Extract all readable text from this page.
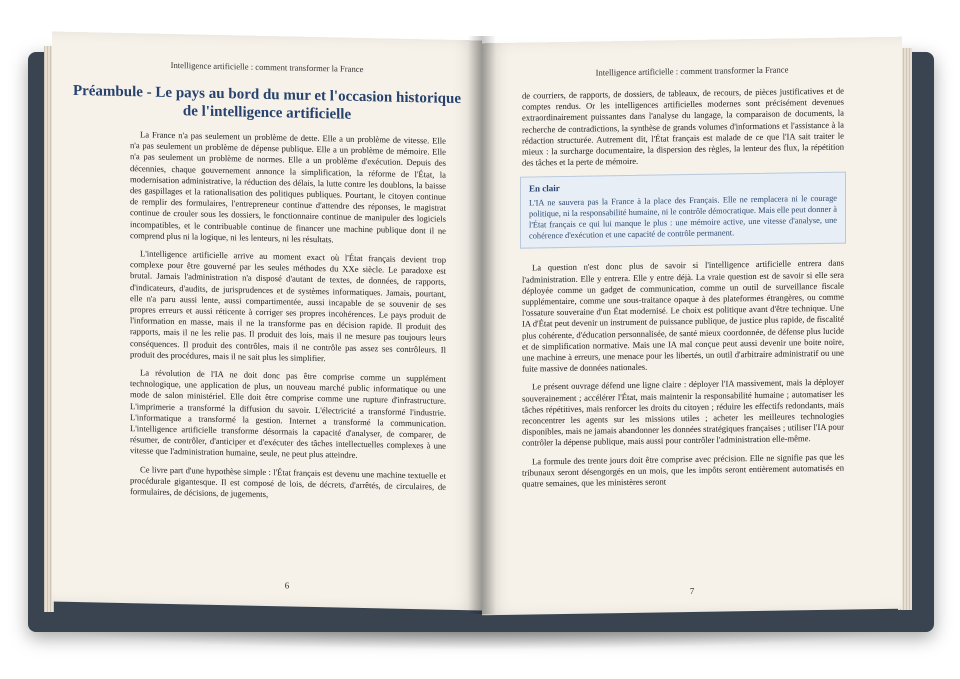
Intelligence artificielle : comment transformer la France
Préambule - Le pays au bord du mur et l'occasion historique de l'intelligence artificielle

La France n'a pas seulement un problème de dette. Elle a un problème de vitesse. Elle n'a pas seulement un problème de dépense publique. Elle a un problème de mémoire. Elle n'a pas seulement un problème de normes. Elle a un problème d'exécution. Depuis des décennies, chaque gouvernement annonce la simplification, la réforme de l'État, la modernisation administrative, la réduction des délais, la lutte contre les doublons, la baisse des gaspillages et la rationalisation des politiques publiques. Pourtant, le citoyen continue de remplir des formulaires, l'entrepreneur continue d'attendre des réponses, le magistrat continue de crouler sous les dossiers, le fonctionnaire continue de manipuler des logiciels incompatibles, et le contribuable continue de financer une machine publique dont il ne comprend plus ni la logique, ni les lenteurs, ni les résultats.

L'intelligence artificielle arrive au moment exact où l'État français devient trop complexe pour être gouverné par les seules méthodes du XXe siècle. Le paradoxe est brutal. Jamais l'administration n'a disposé d'autant de textes, de données, de rapports, d'indicateurs, d'audits, de jurisprudences et de systèmes informatiques. Jamais, pourtant, elle n'a paru aussi lente, aussi compartimentée, aussi incapable de se souvenir de ses propres erreurs et aussi réticente à corriger ses propres incohérences. Le pays produit de l'information en masse, mais il ne la transforme pas en décision rapide. Il produit des rapports, mais il ne les relie pas. Il produit des lois, mais il ne mesure pas toujours leurs conséquences. Il produit des contrôles, mais il ne contrôle pas assez ses contrôleurs. Il produit des procédures, mais il ne sait plus les simplifier.

La révolution de l'IA ne doit donc pas être comprise comme un supplément technologique, une application de plus, un nouveau marché public informatique ou une mode de salon ministériel. Elle doit être comprise comme une rupture d'infrastructure. L'imprimerie a transformé la diffusion du savoir. L'électricité a transformé l'industrie. L'informatique a transformé la gestion. Internet a transformé la communication. L'intelligence artificielle transforme désormais la capacité d'analyser, de comparer, de résumer, de contrôler, d'anticiper et d'exécuter des tâches intellectuelles complexes à une vitesse que l'administration humaine, seule, ne peut plus atteindre.

Ce livre part d'une hypothèse simple : l'État français est devenu une machine textuelle et procédurale gigantesque. Il est composé de lois, de décrets, d'arrêtés, de circulaires, de formulaires, de décisions, de jugements,

6
Intelligence artificielle : comment transformer la France

de courriers, de rapports, de dossiers, de tableaux, de recours, de pièces justificatives et de comptes rendus. Or les intelligences artificielles modernes sont précisément devenues extraordinairement puissantes dans l'analyse du langage, la comparaison de documents, la recherche de contradictions, la synthèse de grands volumes d'informations et l'assistance à la rédaction structurée. Autrement dit, l'État français est malade de ce que l'IA sait traiter le mieux : la surcharge documentaire, la dispersion des règles, la lenteur des flux, la répétition des tâches et la perte de mémoire.

En clair
L'IA ne sauvera pas la France à la place des Français. Elle ne remplacera ni le courage politique, ni la responsabilité humaine, ni le contrôle démocratique. Mais elle peut donner à l'État français ce qui lui manque le plus : une mémoire active, une vitesse d'analyse, une cohérence d'exécution et une capacité de contrôle permanent.

La question n'est donc plus de savoir si l'intelligence artificielle entrera dans l'administration. Elle y entrera. Elle y entre déjà. La vraie question est de savoir si elle sera déployée comme un gadget de communication, comme un outil de surveillance fiscale supplémentaire, comme une sous-traitance opaque à des plateformes étrangères, ou comme l'ossature souveraine d'un État modernisé. Le choix est politique avant d'être technique. Une IA d'État peut devenir un instrument de puissance publique, de justice plus rapide, de fiscalité plus cohérente, d'éducation personnalisée, de santé mieux coordonnée, de défense plus lucide et de simplification normative. Mais une IA mal conçue peut aussi devenir une boite noire, une machine à erreurs, une menace pour les libertés, un outil d'arbitraire administratif ou une fuite massive de données nationales.

Le présent ouvrage défend une ligne claire : déployer l'IA massivement, mais la déployer souverainement ; accélérer l'État, mais maintenir la responsabilité humaine ; automatiser les tâches répétitives, mais renforcer les droits du citoyen ; réduire les effectifs redondants, mais reconcentrer les agents sur les missions utiles ; acheter les meilleures technologies disponibles, mais ne jamais abandonner les données stratégiques françaises ; utiliser l'IA pour contrôler la dépense publique, mais aussi pour contrôler l'administration elle-même.

La formule des trente jours doit être comprise avec précision. Elle ne signifie pas que les tribunaux seront désengorgés en un mois, que les impôts seront entièrement automatisés en quatre semaines, que les ministères seront

7
